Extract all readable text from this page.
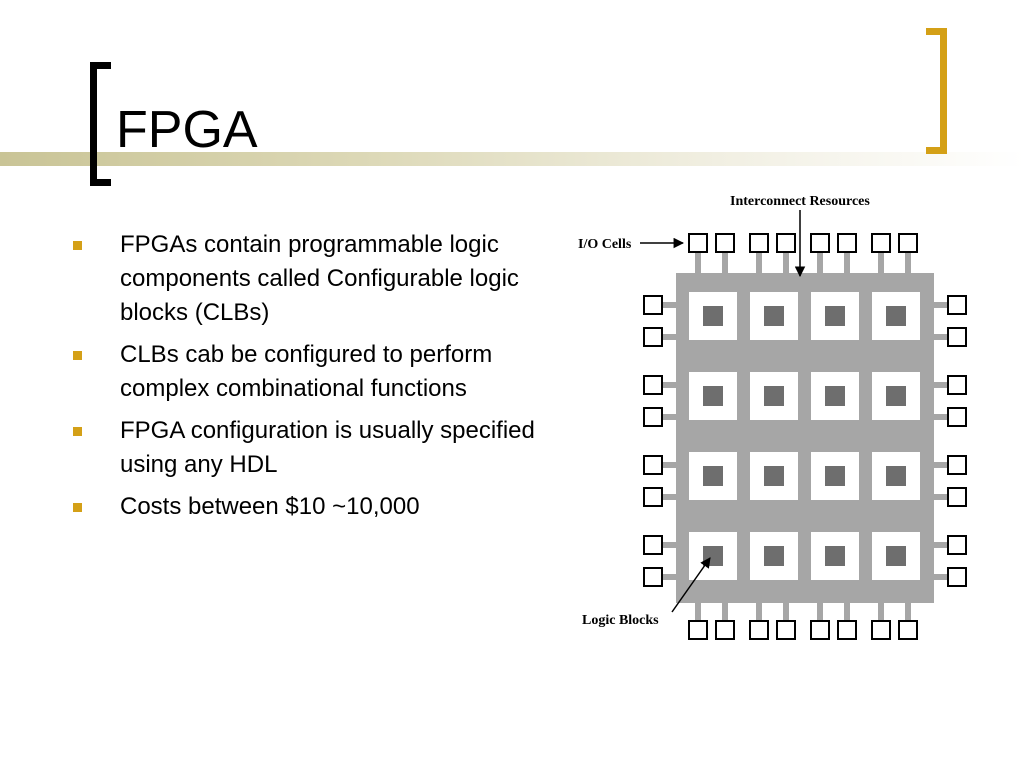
FPGA
FPGAs contain programmable logic components called Configurable logic blocks (CLBs)
CLBs cab be configured to perform complex combinational functions
FPGA configuration is usually specified using any HDL
Costs between $10 ~10,000
Interconnect Resources
I/O Cells
Logic Blocks
